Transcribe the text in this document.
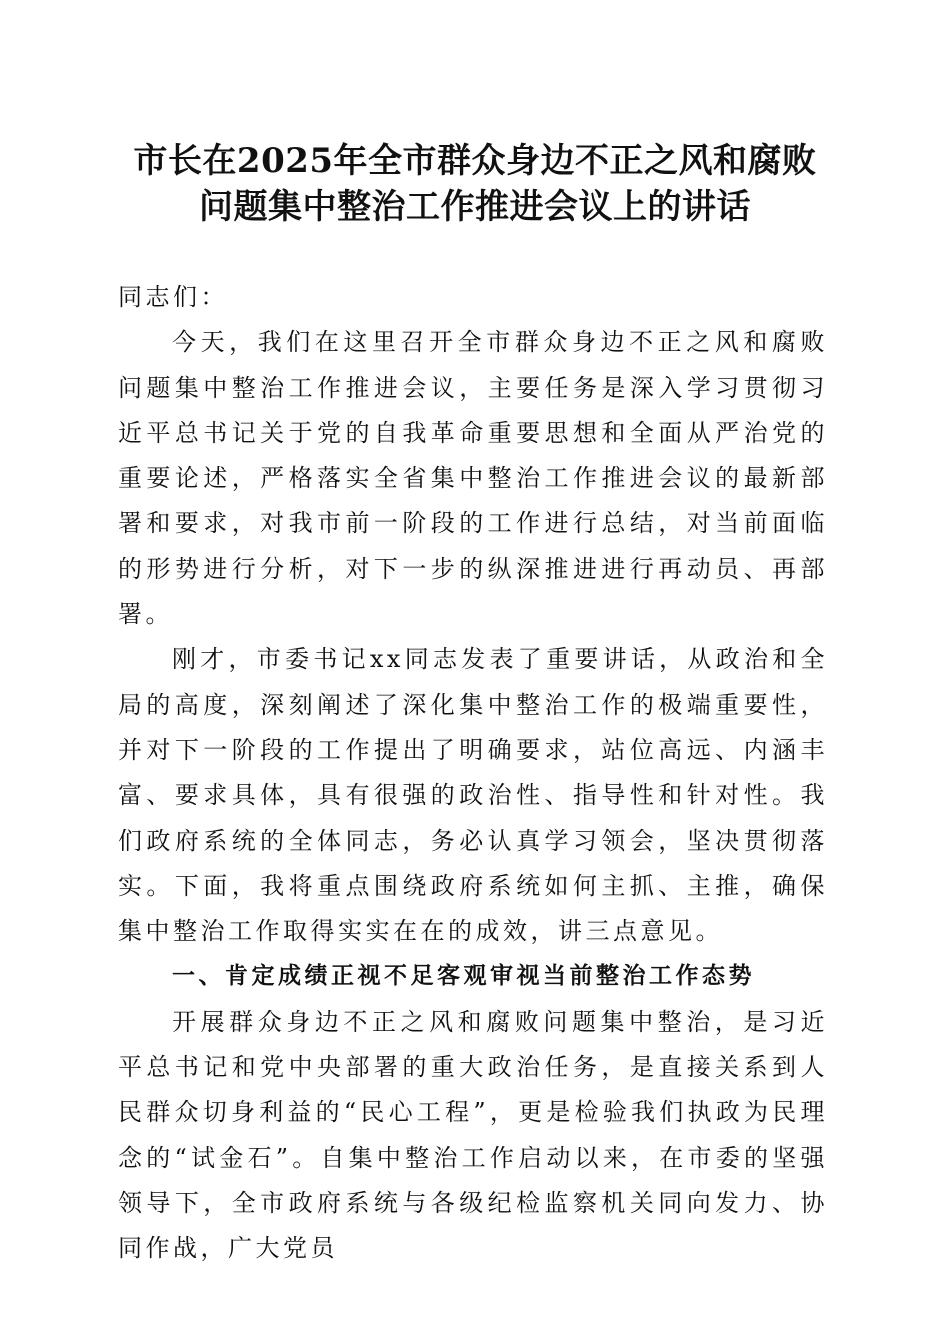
市长在2025年全市群众身边不正之风和腐败
问题集中整治工作推进会议上的讲话

同志们：

今天，我们在这里召开全市群众身边不正之风和腐败问题集中整治工作推进会议，主要任务是深入学习贯彻习近平总书记关于党的自我革命重要思想和全面从严治党的重要论述，严格落实全省集中整治工作推进会议的最新部署和要求，对我市前一阶段的工作进行总结，对当前面临的形势进行分析，对下一步的纵深推进进行再动员、再部署。

刚才，市委书记xx同志发表了重要讲话，从政治和全局的高度，深刻阐述了深化集中整治工作的极端重要性，并对下一阶段的工作提出了明确要求，站位高远、内涵丰富、要求具体，具有很强的政治性、指导性和针对性。我们政府系统的全体同志，务必认真学习领会，坚决贯彻落实。下面，我将重点围绕政府系统如何主抓、主推，确保集中整治工作取得实实在在的成效，讲三点意见。

一、肯定成绩正视不足客观审视当前整治工作态势

开展群众身边不正之风和腐败问题集中整治，是习近平总书记和党中央部署的重大政治任务，是直接关系到人民群众切身利益的“民心工程”，更是检验我们执政为民理念的“试金石”。自集中整治工作启动以来，在市委的坚强领导下，全市政府系统与各级纪检监察机关同向发力、协同作战，广大党员
